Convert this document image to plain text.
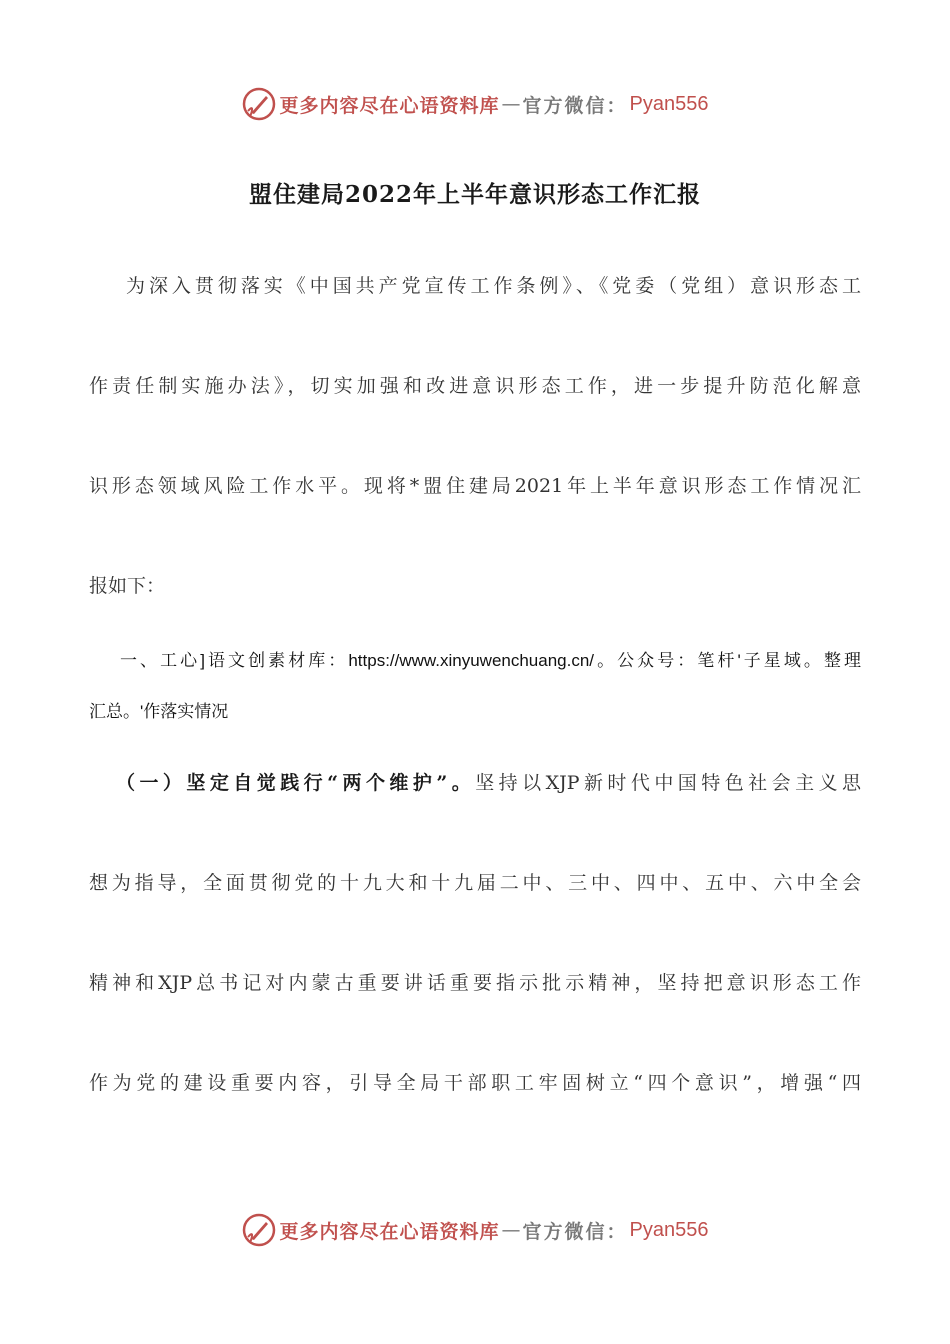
更多内容尽在心语资料库 — 官方微信： Pyan556
盟住建局2022年上半年意识形态工作汇报

为深入贯彻落实《中国共产党宣传工作条例》、《党委（党组）意识形态工

作责任制实施办法》，切实加强和改进意识形态工作，进一步提升防范化解意

识形态领域风险工作水平。现将*盟住建局2021年上半年意识形态工作情况汇

报如下：

一、工心]语文创素材库：https://www.xinyuwenchuang.cn/。公众号：笔杆'子星域。整理

汇总。'作落实情况

（一）坚定自觉践行“两个维护”。坚持以XJP新时代中国特色社会主义思

想为指导，全面贯彻党的十九大和十九届二中、三中、四中、五中、六中全会

精神和XJP总书记对内蒙古重要讲话重要指示批示精神，坚持把意识形态工作

作为党的建设重要内容，引导全局干部职工牢固树立“四个意识”，增强“四

更多内容尽在心语资料库 — 官方微信： Pyan556
